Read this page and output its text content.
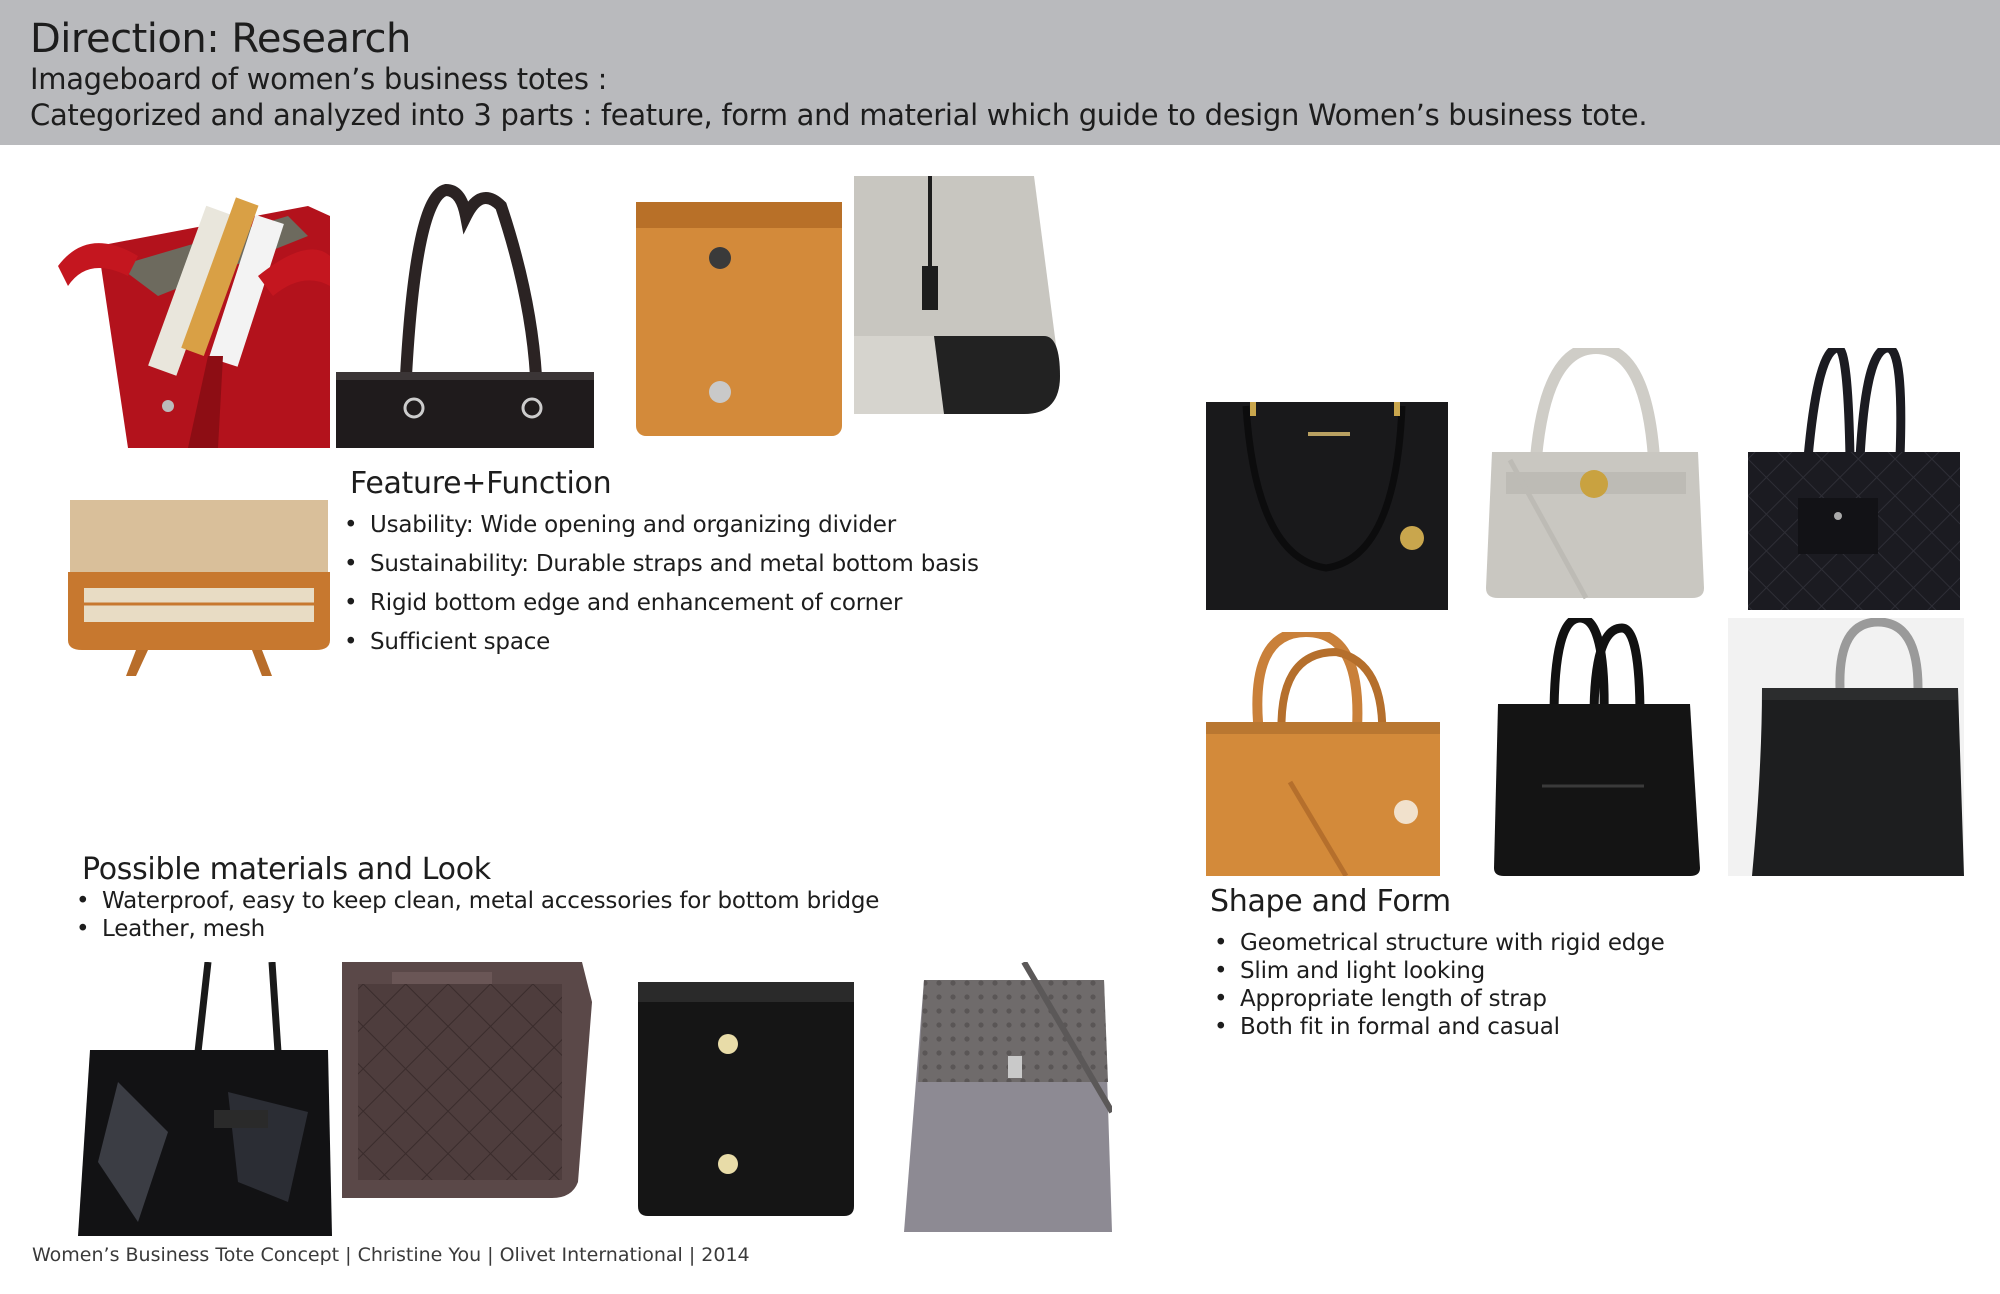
Direction: Research
Imageboard of women’s business totes :
Categorized and analyzed into 3 parts : feature, form and material which guide to design Women’s business tote.
Feature+Function
• Usability: Wide opening and organizing divider
• Sustainability: Durable straps and metal bottom basis
• Rigid bottom edge and enhancement of corner
• Sufficient space
Shape and Form
• Geometrical structure with rigid edge
• Slim and light looking
• Appropriate length of strap
• Both fit in formal and casual
Possible materials and Look
• Waterproof, easy to keep clean, metal accessories for bottom bridge
• Leather, mesh
Women’s Business Tote Concept | Christine You | Olivet International | 2014
